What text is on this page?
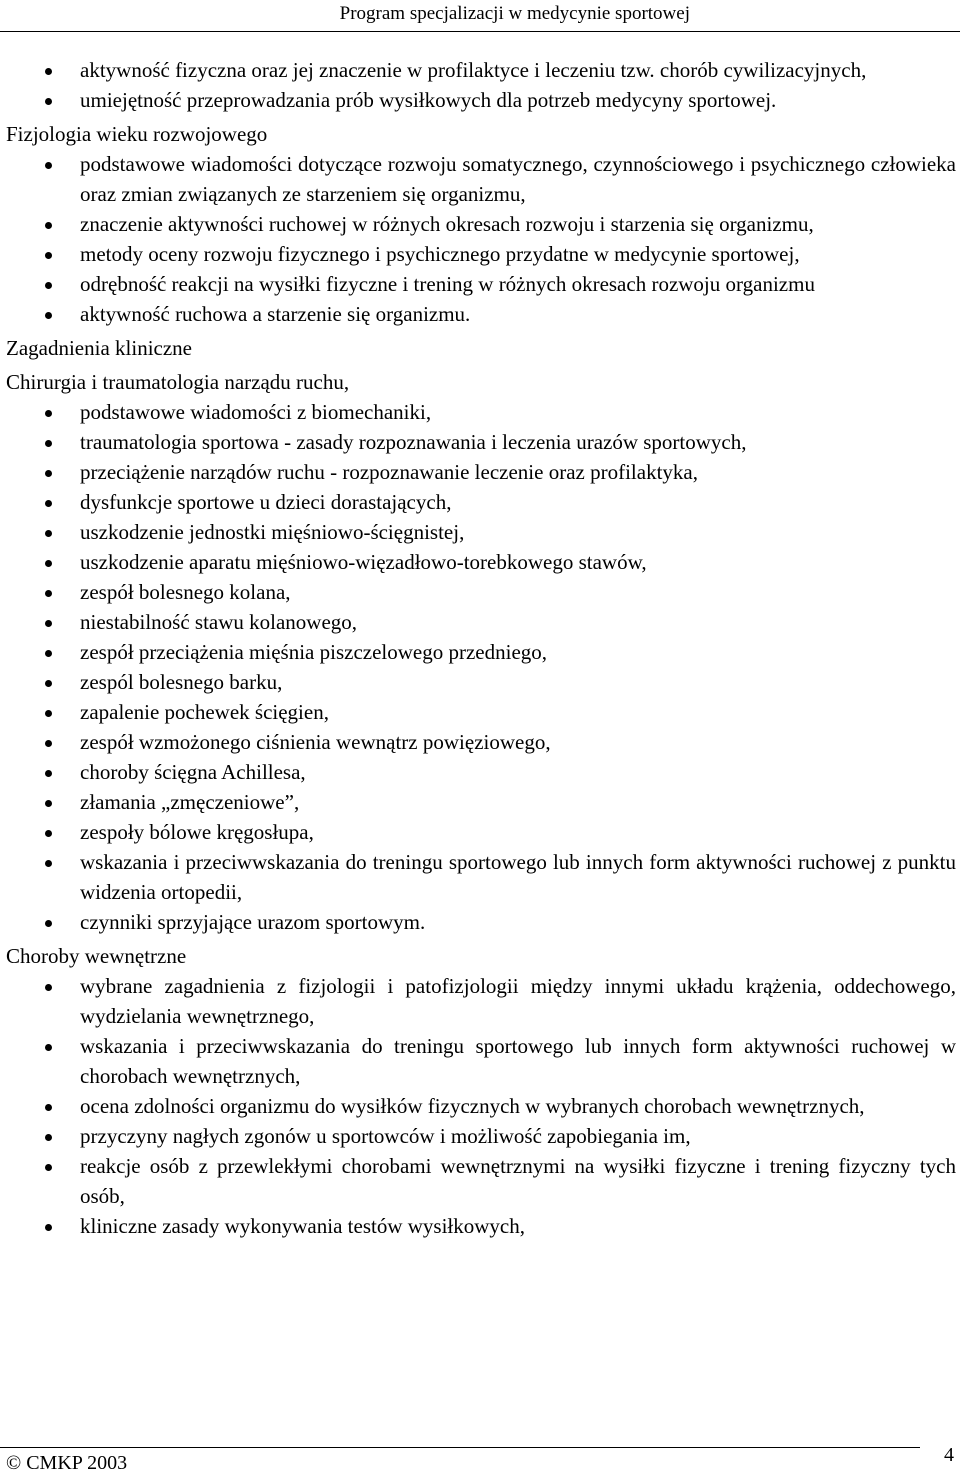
Program specjalizacji w medycynie sportowej
aktywność fizyczna oraz jej znaczenie w profilaktyce i leczeniu tzw. chorób cywilizacyjnych,
umiejętność przeprowadzania prób wysiłkowych dla potrzeb medycyny sportowej.
Fizjologia wieku rozwojowego
podstawowe wiadomości dotyczące rozwoju somatycznego, czynnościowego i psychicznego człowieka oraz zmian związanych ze starzeniem się organizmu,
znaczenie aktywności ruchowej w różnych okresach rozwoju i starzenia się organizmu,
metody oceny rozwoju fizycznego i psychicznego przydatne w medycynie sportowej,
odrębność reakcji na wysiłki fizyczne i trening w różnych okresach rozwoju organizmu
aktywność ruchowa a starzenie się organizmu.
Zagadnienia kliniczne
Chirurgia i traumatologia narządu ruchu,
podstawowe wiadomości z biomechaniki,
traumatologia sportowa - zasady rozpoznawania i leczenia urazów sportowych,
przeciążenie narządów ruchu - rozpoznawanie leczenie oraz profilaktyka,
dysfunkcje sportowe u dzieci dorastających,
uszkodzenie jednostki mięśniowo-ścięgnistej,
uszkodzenie aparatu mięśniowo-więzadłowo-torebkowego stawów,
zespół bolesnego kolana,
niestabilność stawu kolanowego,
zespół przeciążenia mięśnia piszczelowego przedniego,
zespól bolesnego barku,
zapalenie pochewek ścięgien,
zespół wzmożonego ciśnienia wewnątrz powięziowego,
choroby ścięgna Achillesa,
złamania „zmęczeniowe”,
zespoły bólowe kręgosłupa,
wskazania i przeciwwskazania do treningu sportowego lub innych form aktywności ruchowej z punktu widzenia ortopedii,
czynniki sprzyjające urazom sportowym.
Choroby wewnętrzne
wybrane zagadnienia z fizjologii i patofizjologii między innymi układu krążenia, oddechowego, wydzielania wewnętrznego,
wskazania i przeciwwskazania do treningu sportowego lub innych form aktywności ruchowej w chorobach wewnętrznych,
ocena zdolności organizmu do wysiłków fizycznych w wybranych chorobach wewnętrznych,
przyczyny nagłych zgonów u sportowców i możliwość zapobiegania im,
reakcje osób z przewlekłymi chorobami wewnętrznymi na wysiłki fizyczne i trening fizyczny tych osób,
kliniczne zasady wykonywania testów wysiłkowych,
© CMKP 2003	4
